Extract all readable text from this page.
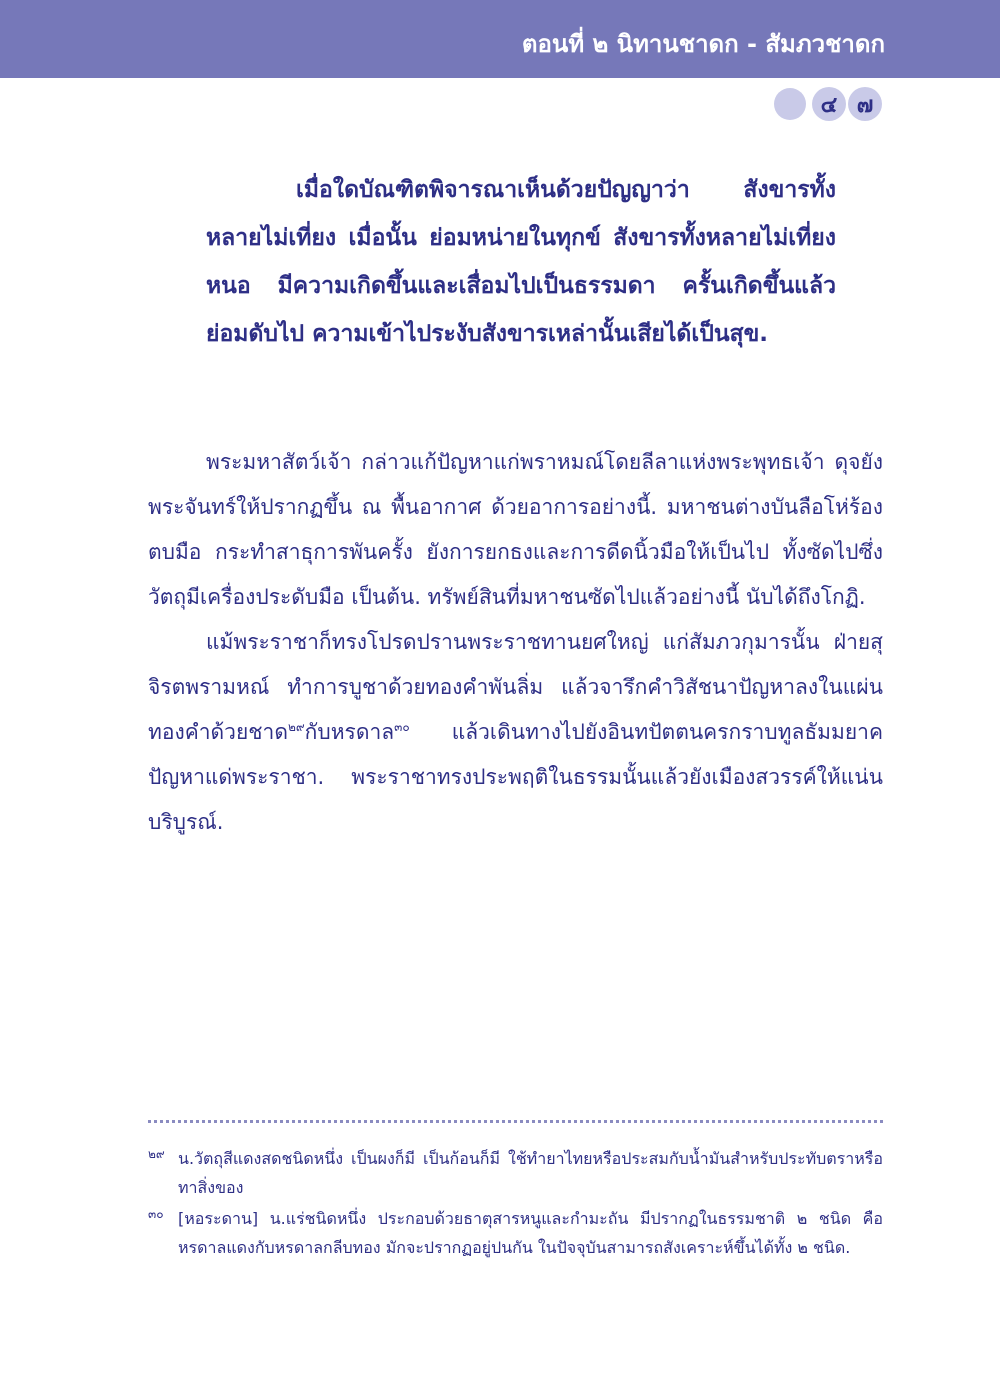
ตอนที่ ๒ นิทานชาดก - สัมภวชาดก
๔ ๗

เมื่อใดบัณฑิตพิจารณาเห็นด้วยปัญญาว่า สังขารทั้งหลายไม่เที่ยง เมื่อนั้น ย่อมหน่ายในทุกข์ สังขารทั้งหลายไม่เที่ยงหนอ มีความเกิดขึ้นและเสื่อมไปเป็นธรรมดา ครั้นเกิดขึ้นแล้วย่อมดับไป ความเข้าไประงับสังขารเหล่านั้นเสียได้เป็นสุข.

พระมหาสัตว์เจ้า กล่าวแก้ปัญหาแก่พราหมณ์โดยลีลาแห่งพระพุทธเจ้า ดุจยังพระจันทร์ให้ปรากฏขึ้น ณ พื้นอากาศ ด้วยอาการอย่างนี้. มหาชนต่างบันลือโห่ร้องตบมือ กระทำสาธุการพันครั้ง ยังการยกธงและการดีดนิ้วมือให้เป็นไป ทั้งซัดไปซึ่งวัตถุมีเครื่องประดับมือ เป็นต้น. ทรัพย์สินที่มหาชนซัดไปแล้วอย่างนี้ นับได้ถึงโกฏิ.

แม้พระราชาก็ทรงโปรดปรานพระราชทานยศใหญ่ แก่สัมภวกุมารนั้น ฝ่ายสุจิรตพรามหณ์ ทำการบูชาด้วยทองคำพันลิ่ม แล้วจารึกคำวิสัชนาปัญหาลงในแผ่นทองคำด้วยชาด$^{๒๙}$กับหรดาล$^{๓๐}$ แล้วเดินทางไปยังอินทปัตตนครกราบทูลธัมมยาคปัญหาแด่พระราชา. พระราชาทรงประพฤติในธรรมนั้นแล้วยังเมืองสวรรค์ให้แน่นบริบูรณ์.

๒๙ น.วัตถุสีแดงสดชนิดหนึ่ง เป็นผงก็มี เป็นก้อนก็มี ใช้ทำยาไทยหรือประสมกับน้ำมันสำหรับประทับตราหรือทาสิ่งของ
๓๐ [หอระดาน] น.แร่ชนิดหนึ่ง ประกอบด้วยธาตุสารหนูและกำมะถัน มีปรากฏในธรรมชาติ ๒ ชนิด คือ หรดาลแดงกับหรดาลกลีบทอง มักจะปรากฏอยู่ปนกัน ในปัจจุบันสามารถสังเคราะห์ขึ้นได้ทั้ง ๒ ชนิด.
